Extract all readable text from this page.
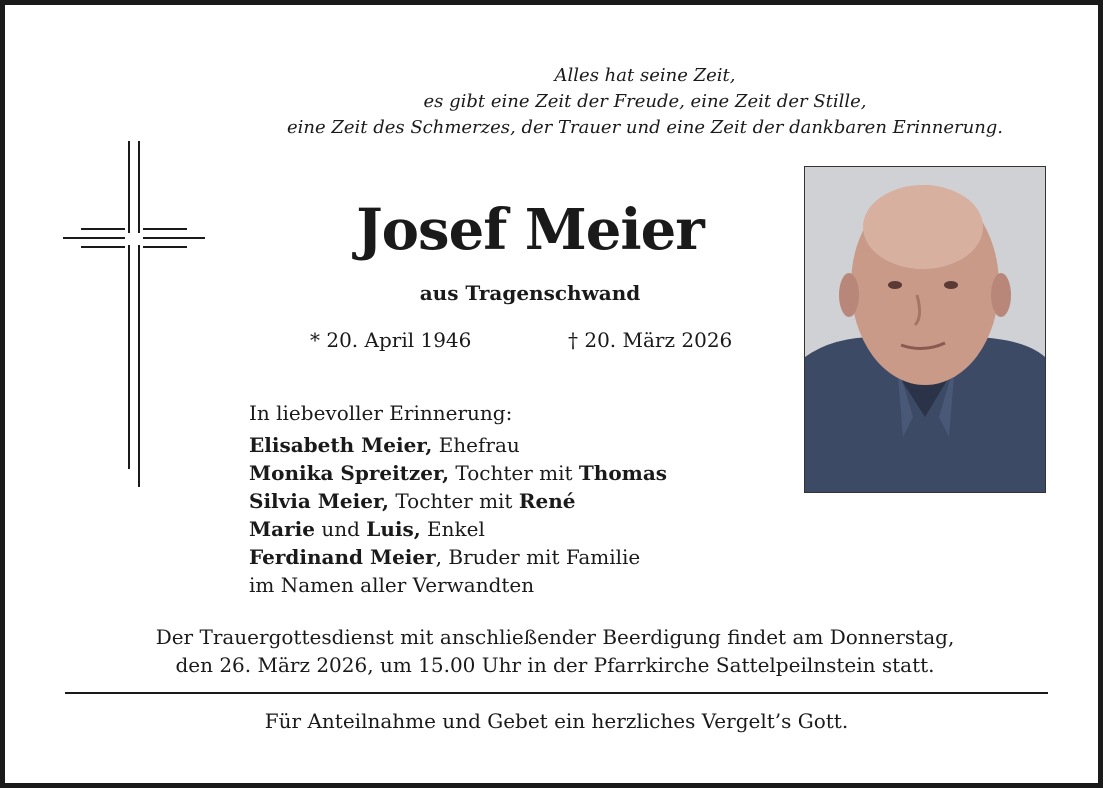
Alles hat seine Zeit,
es gibt eine Zeit der Freude, eine Zeit der Stille,
eine Zeit des Schmerzes, der Trauer und eine Zeit der dankbaren Erinnerung.
Josef Meier
aus Tragenschwand
* 20. April 1946	† 20. März 2026
In liebevoller Erinnerung:
Elisabeth Meier, Ehefrau
Monika Spreitzer, Tochter mit Thomas
Silvia Meier, Tochter mit René
Marie und Luis, Enkel
Ferdinand Meier, Bruder mit Familie
im Namen aller Verwandten
Der Trauergottesdienst mit anschließender Beerdigung findet am Donnerstag,
den 26. März 2026, um 15.00 Uhr in der Pfarrkirche Sattelpeilnstein statt.
Für Anteilnahme und Gebet ein herzliches Vergelt’s Gott.
